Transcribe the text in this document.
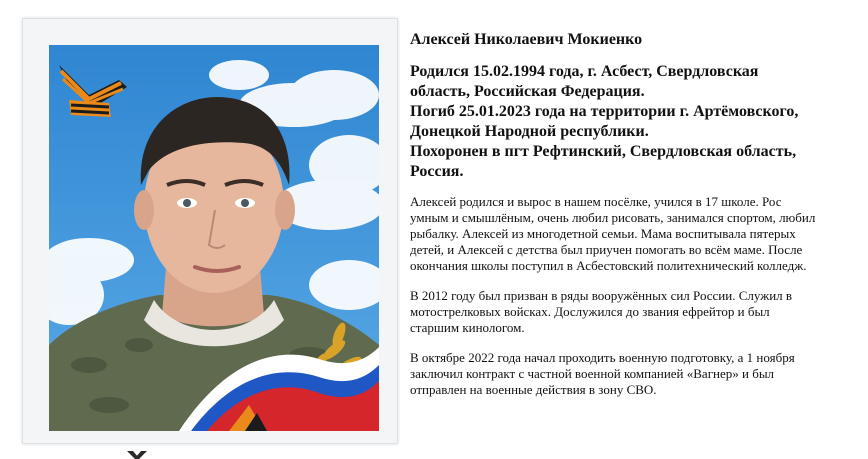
Алексей Николаевич Мокиенко
Родился 15.02.1994 года, г. Асбест, Свердловская область, Российская Федерация.
Погиб 25.01.2023 года на территории г. Артёмовского, Донецкой Народной республики.
Похоронен в пгт Рефтинский, Свердловская область, Россия.

Алексей родился и вырос в нашем посёлке, учился в 17 школе. Рос умным и смышлёным, очень любил рисовать, занимался спортом, любил рыбалку. Алексей из многодетной семьи. Мама воспитывала пятерых детей, и Алексей с детства был приучен помогать во всём маме. После окончания школы поступил в Асбестовский политехнический колледж.

В 2012 году был призван в ряды вооружённых сил России. Служил в мотострелковых войсках. Дослужился до звания ефрейтор и был старшим кинологом.

В октябре 2022 года начал проходить военную подготовку, а 1 ноября заключил контракт с частной военной компанией «Вагнер» и был отправлен на военные действия в зону СВО.
